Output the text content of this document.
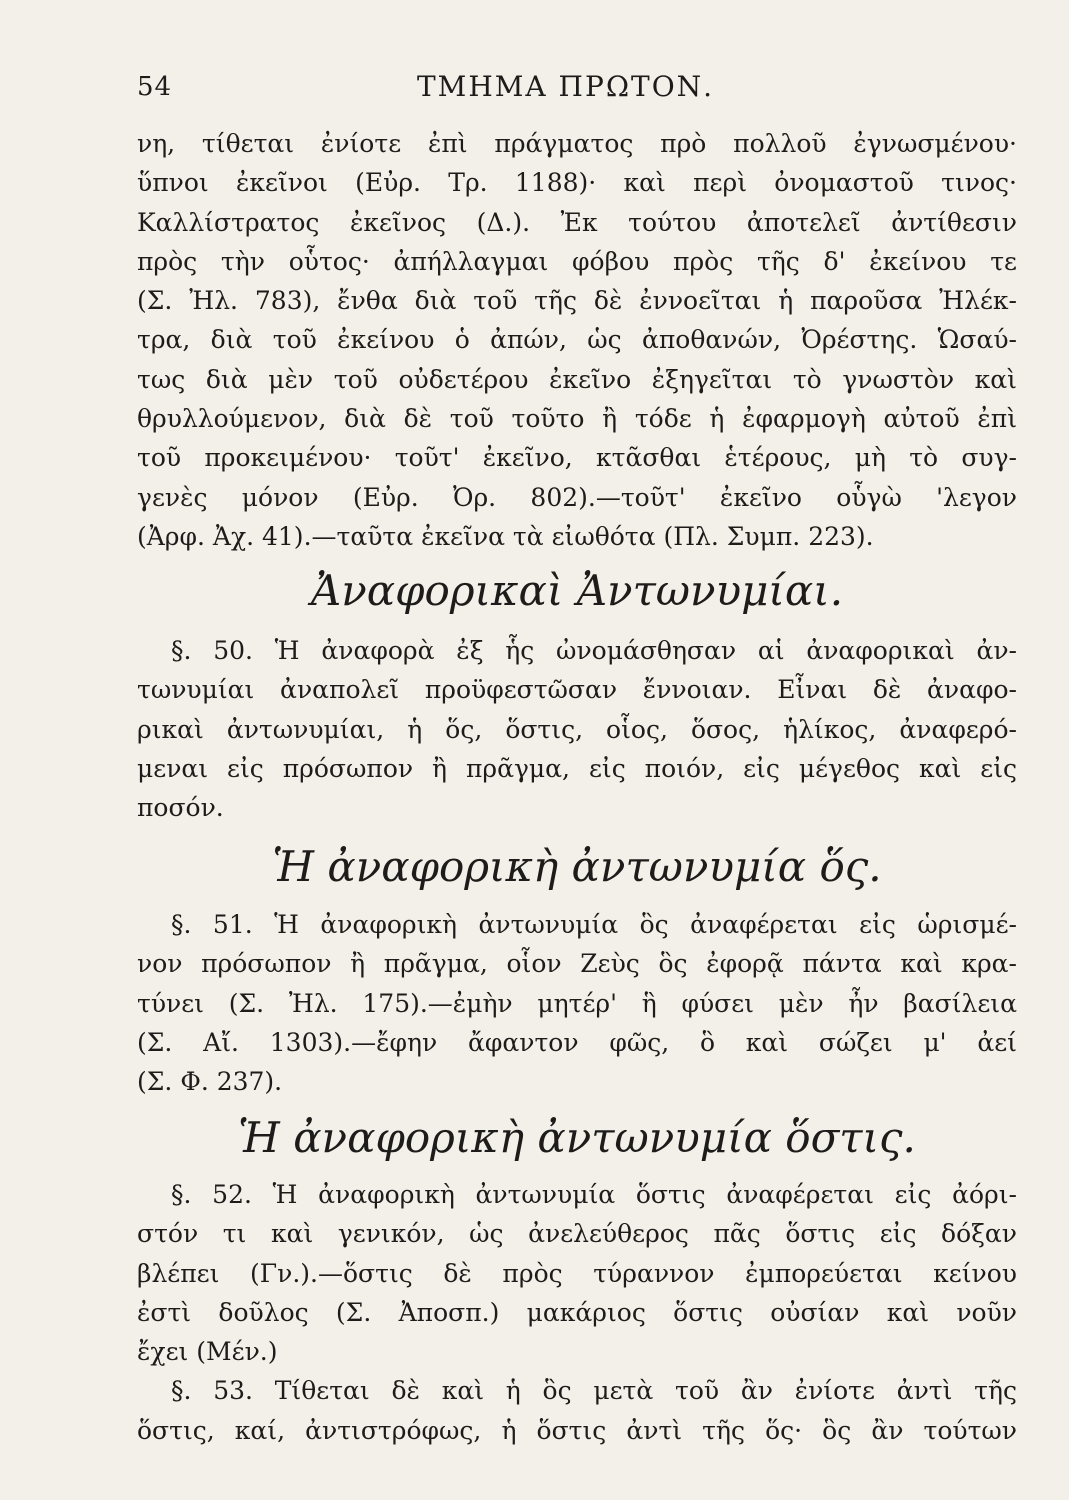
54	ΤΜΗΜΑ ΠΡΩΤΟΝ.
νη, τίθεται ἐνίοτε ἐπὶ πράγματος πρὸ πολλοῦ ἐγνωσμένου·
ὕπνοι ἐκεῖνοι (Εὐρ. Τρ. 1188)· καὶ περὶ ὀνομαστοῦ τινος·
Καλλίστρατος ἐκεῖνος (Δ.). Ἐκ τούτου ἀποτελεῖ ἀντίθεσιν
πρὸς τὴν οὗτος· ἀπήλλαγμαι φόβου πρὸς τῆς δ' ἐκείνου τε
(Σ. Ἠλ. 783), ἔνθα διὰ τοῦ τῆς δὲ ἐννοεῖται ἡ παροῦσα Ἠλέκ-
τρα, διὰ τοῦ ἐκείνου ὁ ἀπών, ὡς ἀποθανών, Ὀρέστης. Ὡσαύ-
τως διὰ μὲν τοῦ οὐδετέρου ἐκεῖνο ἐξηγεῖται τὸ γνωστὸν καὶ
θρυλλούμενον, διὰ δὲ τοῦ τοῦτο ἢ τόδε ἡ ἐφαρμογὴ αὐτοῦ ἐπὶ
τοῦ προκειμένου· τοῦτ' ἐκεῖνο, κτᾶσθαι ἑτέρους, μὴ τὸ συγ-
γενὲς μόνον (Εὐρ. Ὀρ. 802).—τοῦτ' ἐκεῖνο οὗγὼ 'λεγον
(Ἀρφ. Ἀχ. 41).—ταῦτα ἐκεῖνα τὰ εἰωθότα (Πλ. Συμπ. 223).
Ἀναφορικαὶ Ἀντωνυμίαι.
§. 50. Ἡ ἀναφορὰ ἐξ ἧς ὠνομάσθησαν αἱ ἀναφορικαὶ ἀν-
τωνυμίαι ἀναπολεῖ προϋφεστῶσαν ἔννοιαν. Εἶναι δὲ ἀναφο-
ρικαὶ ἀντωνυμίαι, ἡ ὅς, ὅστις, οἷος, ὅσος, ἡλίκος, ἀναφερό-
μεναι εἰς πρόσωπον ἢ πρᾶγμα, εἰς ποιόν, εἰς μέγεθος καὶ εἰς
ποσόν.
Ἡ ἀναφορικὴ ἀντωνυμία ὅς.
§. 51. Ἡ ἀναφορικὴ ἀντωνυμία ὃς ἀναφέρεται εἰς ὡρισμέ-
νον πρόσωπον ἢ πρᾶγμα, οἷον Ζεὺς ὃς ἐφορᾷ πάντα καὶ κρα-
τύνει (Σ. Ἠλ. 175).—ἐμὴν μητέρ' ἣ φύσει μὲν ἦν βασίλεια
(Σ. Αἴ. 1303).—ἔφην ἄφαντον φῶς, ὃ καὶ σώζει μ' ἀεί
(Σ. Φ. 237).
Ἡ ἀναφορικὴ ἀντωνυμία ὅστις.
§. 52. Ἡ ἀναφορικὴ ἀντωνυμία ὅστις ἀναφέρεται εἰς ἀόρι-
στόν τι καὶ γενικόν, ὡς ἀνελεύθερος πᾶς ὅστις εἰς δόξαν
βλέπει (Γν.).—ὅστις δὲ πρὸς τύραννον ἐμπορεύεται κείνου
ἐστὶ δοῦλος (Σ. Ἀποσπ.) μακάριος ὅστις οὐσίαν καὶ νοῦν
ἔχει (Μέν.)
§. 53. Τίθεται δὲ καὶ ἡ ὃς μετὰ τοῦ ἂν ἐνίοτε ἀντὶ τῆς
ὅστις, καί, ἀντιστρόφως, ἡ ὅστις ἀντὶ τῆς ὅς· ὃς ἂν τούτων
